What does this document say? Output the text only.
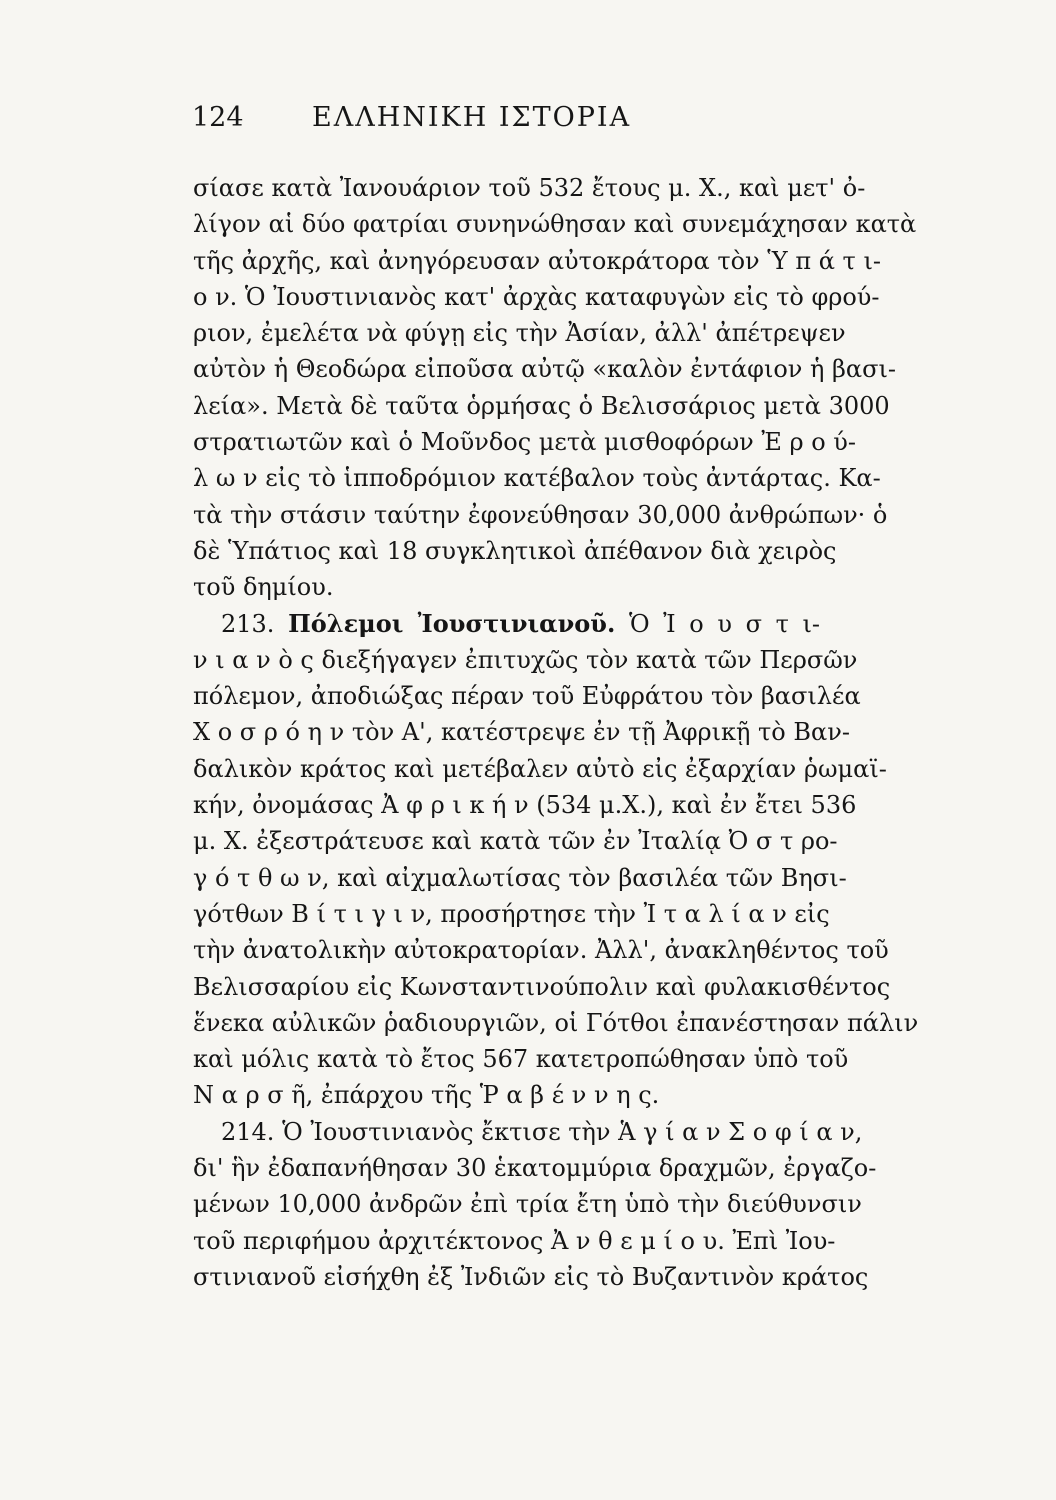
124	ΕΛΛΗΝΙΚΗ ΙΣΤΟΡΙΑ
σίασε κατὰ Ἰανουάριον τοῦ 532 ἔτους μ. Χ., καὶ μετ' ὀ-
λίγον αἱ δύο φατρίαι συνηνώθησαν καὶ συνεμάχησαν κατὰ
τῆς ἀρχῆς, καὶ ἀνηγόρευσαν αὐτοκράτορα τὸν Ὑ π ά τ ι-
ο ν. Ὁ Ἰουστινιανὸς κατ' ἀρχὰς καταφυγὼν εἰς τὸ φρού-
ριον, ἐμελέτα νὰ φύγῃ εἰς τὴν Ἀσίαν, ἀλλ' ἀπέτρεψεν
αὐτὸν ἡ Θεοδώρα εἰποῦσα αὐτῷ «καλὸν ἐντάφιον ἡ βασι-
λεία». Μετὰ δὲ ταῦτα ὁρμήσας ὁ Βελισσάριος μετὰ 3000
στρατιωτῶν καὶ ὁ Μοῦνδος μετὰ μισθοφόρων Ἐ ρ ο ύ-
λ ω ν εἰς τὸ ἱπποδρόμιον κατέβαλον τοὺς ἀντάρτας. Κα-
τὰ τὴν στάσιν ταύτην ἐφονεύθησαν 30,000 ἀνθρώπων· ὁ
δὲ Ὑπάτιος καὶ 18 συγκλητικοὶ ἀπέθανον διὰ χειρὸς
τοῦ δημίου.
213. Πόλεμοι Ἰουστινιανοῦ. Ὁ Ἰ ο υ σ τ ι-
ν ι α ν ὸ ς διεξήγαγεν ἐπιτυχῶς τὸν κατὰ τῶν Περσῶν
πόλεμον, ἀποδιώξας πέραν τοῦ Εὐφράτου τὸν βασιλέα
Χ ο σ ρ ό η ν τὸν Α', κατέστρεψε ἐν τῇ Ἀφρικῇ τὸ Βαν-
δαλικὸν κράτος καὶ μετέβαλεν αὐτὸ εἰς ἐξαρχίαν ῥωμαϊ-
κήν, ὀνομάσας Ἀ φ ρ ι κ ή ν (534 μ.Χ.), καὶ ἐν ἔτει 536
μ. Χ. ἐξεστράτευσε καὶ κατὰ τῶν ἐν Ἰταλίᾳ Ὀ σ τ ρο-
γ ό τ θ ω ν, καὶ αἰχμαλωτίσας τὸν βασιλέα τῶν Βησι-
γότθων Β ί τ ι γ ι ν, προσήρτησε τὴν Ἰ τ α λ ί α ν εἰς
τὴν ἀνατολικὴν αὐτοκρατορίαν. Ἀλλ', ἀνακληθέντος τοῦ
Βελισσαρίου εἰς Κωνσταντινούπολιν καὶ φυλακισθέντος
ἕνεκα αὐλικῶν ῥαδιουργιῶν, οἱ Γότθοι ἐπανέστησαν πάλιν
καὶ μόλις κατὰ τὸ ἔτος 567 κατετροπώθησαν ὑπὸ τοῦ
Ν α ρ σ ῆ, ἐπάρχου τῆς Ῥ α β έ ν ν η ς.
214. Ὁ Ἰουστινιανὸς ἔκτισε τὴν Ἁ γ ί α ν Σ ο φ ί α ν,
δι' ἣν ἐδαπανήθησαν 30 ἑκατομμύρια δραχμῶν, ἐργαζο-
μένων 10,000 ἀνδρῶν ἐπὶ τρία ἔτη ὑπὸ τὴν διεύθυνσιν
τοῦ περιφήμου ἀρχιτέκτονος Ἀ ν θ ε μ ί ο υ. Ἐπὶ Ἰου-
στινιανοῦ εἰσήχθη ἐξ Ἰνδιῶν εἰς τὸ Βυζαντινὸν κράτος
